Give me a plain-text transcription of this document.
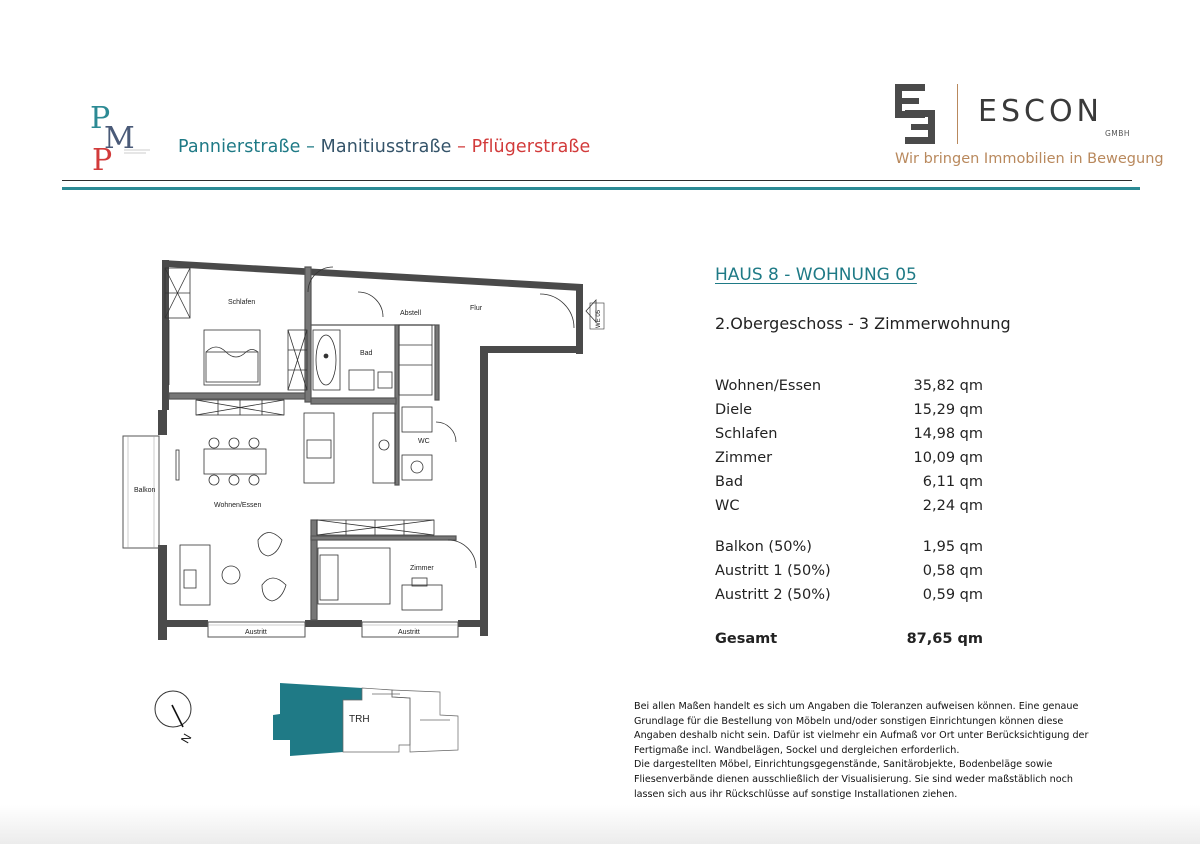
P
M
P	Pannierstraße – Manitiusstraße – Pflügerstraße
ESCON
GMBH
Wir bringen Immobilien in Bewegung
Schlafen
Abstell
Flur
Bad
WC
Balkon
Wohnen/Essen
Zimmer
Austritt	Austritt
WE 05
N
TRH
HAUS 8 - WOHNUNG 05
2.Obergeschoss - 3 Zimmerwohnung
Wohnen/Essen	35,82 qm
Diele	15,29 qm
Schlafen	14,98 qm
Zimmer	10,09 qm
Bad	6,11 qm
WC	2,24 qm
Balkon (50%)	1,95 qm
Austritt 1 (50%)	0,58 qm
Austritt 2 (50%)	0,59 qm
Gesamt	87,65 qm

Bei allen Maßen handelt es sich um Angaben die Toleranzen aufweisen können. Eine genaue Grundlage für die Bestellung von Möbeln und/oder sonstigen Einrichtungen können diese Angaben deshalb nicht sein. Dafür ist vielmehr ein Aufmaß vor Ort unter Berücksichtigung der Fertigmaße incl. Wandbelägen, Sockel und dergleichen erforderlich.

Die dargestellten Möbel, Einrichtungsgegenstände, Sanitärobjekte, Bodenbeläge sowie Fliesenverbände dienen ausschließlich der Visualisierung. Sie sind weder maßstäblich noch lassen sich aus ihr Rückschlüsse auf sonstige Installationen ziehen.
